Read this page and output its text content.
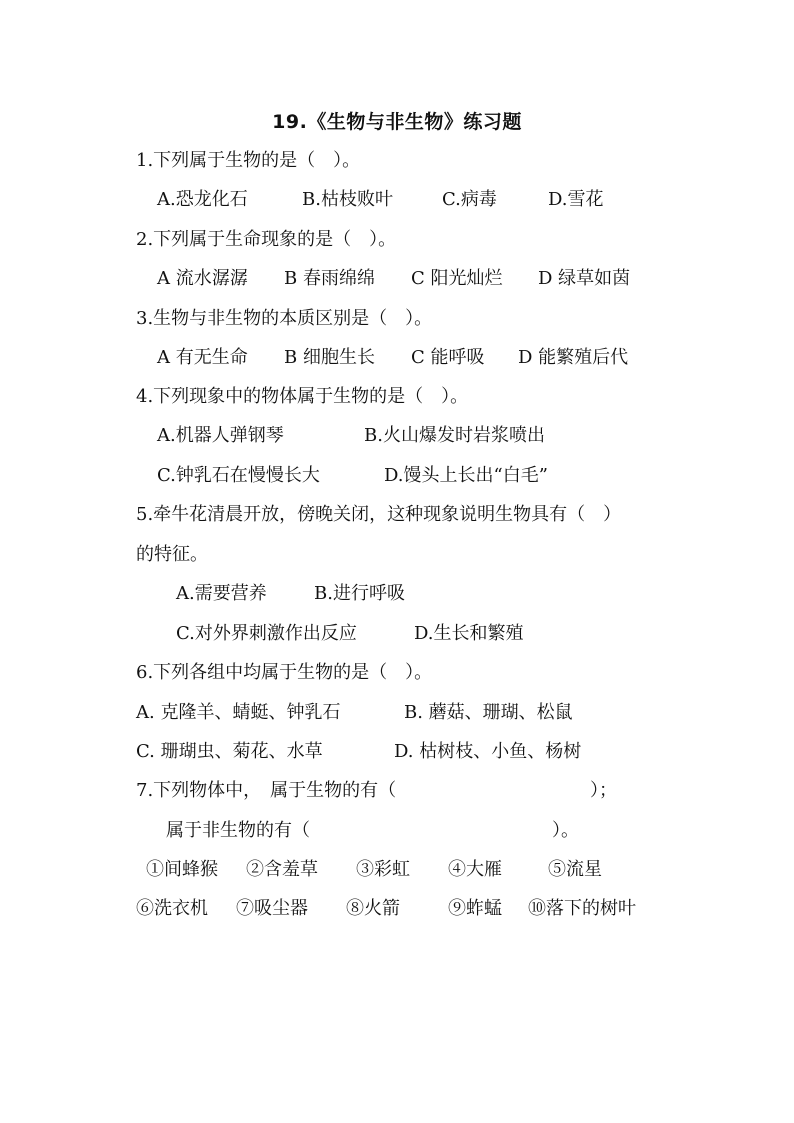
19.《生物与非生物》练习题
1.下列属于生物的是（　）。
A.恐龙化石	B.枯枝败叶	C.病毒	D.雪花
2.下列属于生命现象的是（　）。
A 流水潺潺 B 春雨绵绵 C 阳光灿烂 D 绿草如茵
3.生物与非生物的本质区别是（　）。
A 有无生命 B 细胞生长 C 能呼吸 D 能繁殖后代
4.下列现象中的物体属于生物的是（　）。
A.机器人弹钢琴	B.火山爆发时岩浆喷出
C.钟乳石在慢慢长大	D.馒头上长出“白毛”
5.牵牛花清晨开放，傍晚关闭，这种现象说明生物具有（　）
的特征。
A.需要营养	B.进行呼吸
C.对外界刺激作出反应	D.生长和繁殖
6.下列各组中均属于生物的是（　）。
A. 克隆羊、蜻蜓、钟乳石	B. 蘑菇、珊瑚、松鼠
C. 珊瑚虫、菊花、水草	D. 枯树枝、小鱼、杨树
7.下列物体中，　属于生物的有（	）；
属于非生物的有（	）。
①间蜂猴 ②含羞草 ③彩虹 ④大雁	⑤流星
⑥洗衣机 ⑦吸尘器 ⑧火箭	⑨蚱蜢 ⑩落下的树叶
